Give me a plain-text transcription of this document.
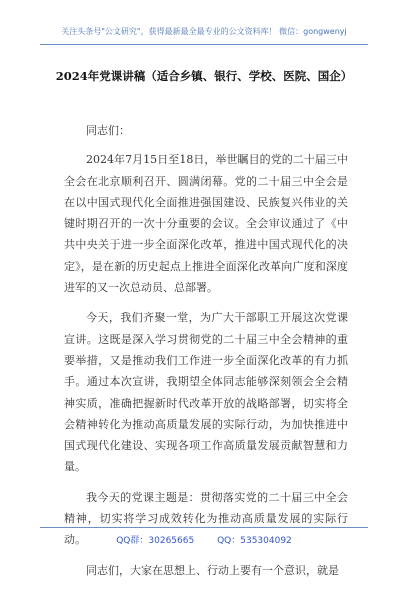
关注头条号"公文研究"，获得最新最全最专业的公文资料库！ 微信：gongwenyj
2024年党课讲稿（适合乡镇、银行、学校、医院、国企）

同志们：

2024年7月15日至18日，举世瞩目的党的二十届三中全会在北京顺利召开、圆满闭幕。党的二十届三中全会是在以中国式现代化全面推进强国建设、民族复兴伟业的关键时期召开的一次十分重要的会议。全会审议通过了《中共中央关于进一步全面深化改革，推进中国式现代化的决定》，是在新的历史起点上推进全面深化改革向广度和深度进军的又一次总动员、总部署。

今天，我们齐聚一堂，为广大干部职工开展这次党课宣讲。这既是深入学习贯彻党的二十届三中全会精神的重要举措，又是推动我们工作进一步全面深化改革的有力抓手。通过本次宣讲，我期望全体同志能够深刻领会全会精神实质，准确把握新时代改革开放的战略部署，切实将全会精神转化为推动高质量发展的实际行动，为加快推进中国式现代化建设、实现各项工作高质量发展贡献智慧和力量。

我今天的党课主题是：贯彻落实党的二十届三中全会精神，切实将学习成效转化为推动高质量发展的实际行动。

同志们，大家在思想上、行动上要有一个意识，就是

QQ群：30265665	QQ：535304092
